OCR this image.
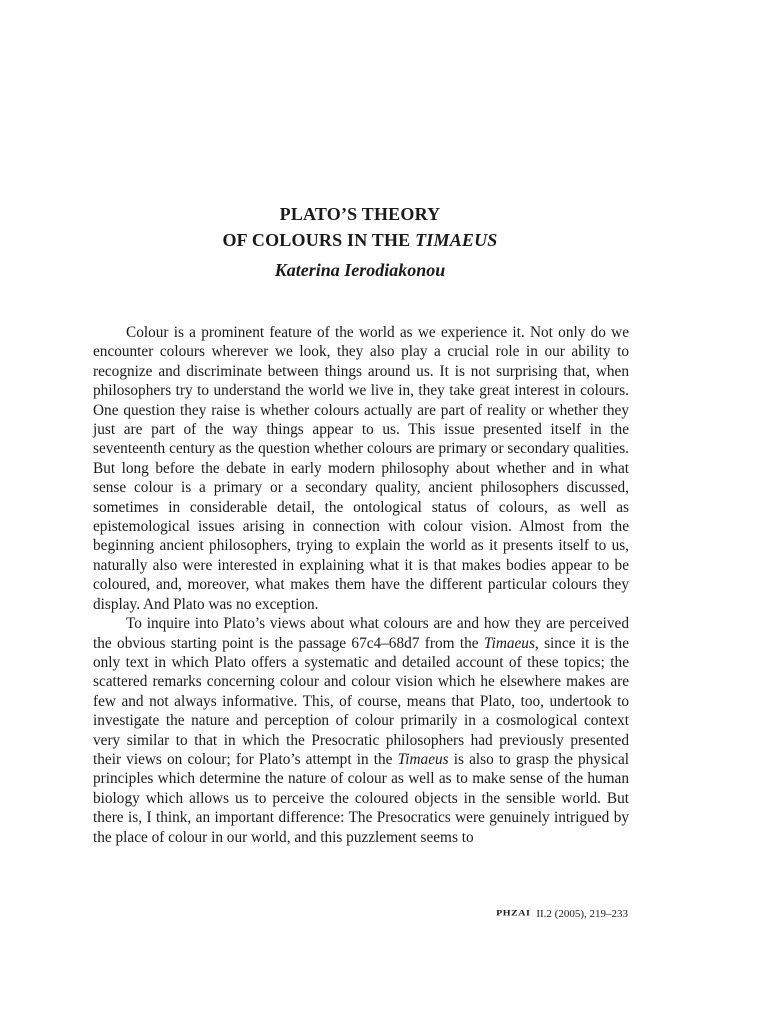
PLATO’S THEORY
OF COLOURS IN THE TIMAEUS
Katerina Ierodiakonou

Colour is a prominent feature of the world as we experience it. Not only do we encounter colours wherever we look, they also play a crucial role in our ability to recognize and discriminate between things around us. It is not surprising that, when philosophers try to understand the world we live in, they take great interest in colours. One question they raise is whether colours actually are part of reality or whether they just are part of the way things appear to us. This issue presented itself in the seventeenth century as the question whether colours are primary or secondary qualities. But long before the debate in early modern philosophy about whether and in what sense colour is a primary or a secondary quality, ancient philosophers discussed, sometimes in considerable detail, the ontological status of colours, as well as epistemological issues arising in connection with colour vision. Almost from the beginning ancient philosophers, trying to explain the world as it presents itself to us, naturally also were interested in explaining what it is that makes bodies appear to be coloured, and, moreover, what makes them have the different particular colours they display. And Plato was no exception.

To inquire into Plato’s views about what colours are and how they are perceived the obvious starting point is the passage 67c4–68d7 from the Timaeus, since it is the only text in which Plato offers a systematic and detailed account of these topics; the scattered remarks concerning colour and colour vision which he elsewhere makes are few and not always informative. This, of course, means that Plato, too, undertook to investigate the nature and perception of colour primarily in a cosmological context very similar to that in which the Presocratic philosophers had previously presented their views on colour; for Plato’s attempt in the Timaeus is also to grasp the physical principles which determine the nature of colour as well as to make sense of the human biology which allows us to perceive the coloured objects in the sensible world. But there is, I think, an important difference: The Presocratics were genuinely intrigued by the place of colour in our world, and this puzzlement seems to

ΡΗΖΑΙ II.2 (2005), 219–233
